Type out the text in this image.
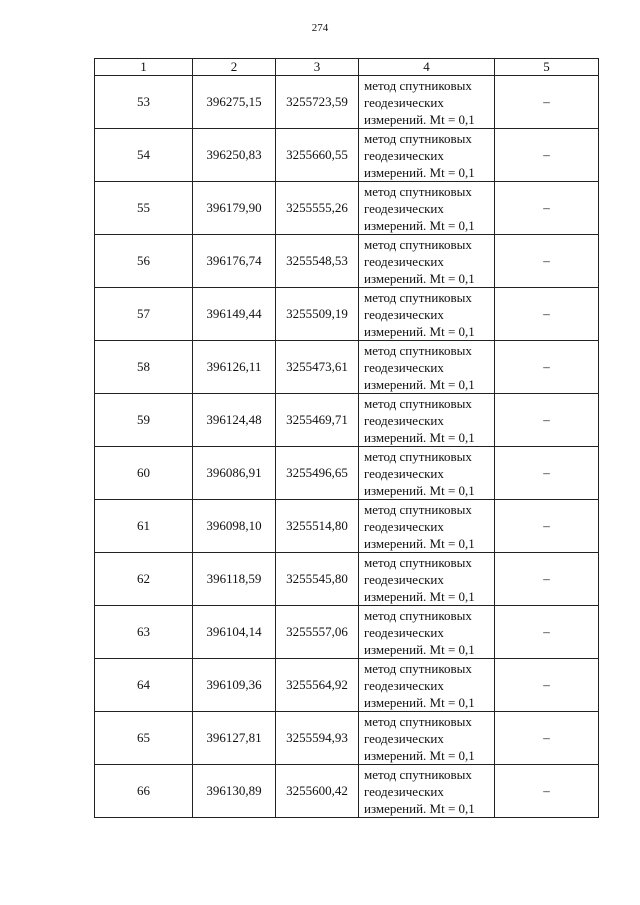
274
1	2	3	4	5
53	396275,15	3255723,59	метод спутниковых
геодезических
измерений. Mt = 0,1	–
54	396250,83	3255660,55	метод спутниковых
геодезических
измерений. Mt = 0,1	–
55	396179,90	3255555,26	метод спутниковых
геодезических
измерений. Mt = 0,1	–
56	396176,74	3255548,53	метод спутниковых
геодезических
измерений. Mt = 0,1	–
57	396149,44	3255509,19	метод спутниковых
геодезических
измерений. Mt = 0,1	–
58	396126,11	3255473,61	метод спутниковых
геодезических
измерений. Mt = 0,1	–
59	396124,48	3255469,71	метод спутниковых
геодезических
измерений. Mt = 0,1	–
60	396086,91	3255496,65	метод спутниковых
геодезических
измерений. Mt = 0,1	–
61	396098,10	3255514,80	метод спутниковых
геодезических
измерений. Mt = 0,1	–
62	396118,59	3255545,80	метод спутниковых
геодезических
измерений. Mt = 0,1	–
63	396104,14	3255557,06	метод спутниковых
геодезических
измерений. Mt = 0,1	–
64	396109,36	3255564,92	метод спутниковых
геодезических
измерений. Mt = 0,1	–
65	396127,81	3255594,93	метод спутниковых
геодезических
измерений. Mt = 0,1	–
66	396130,89	3255600,42	метод спутниковых
геодезических
измерений. Mt = 0,1	–
